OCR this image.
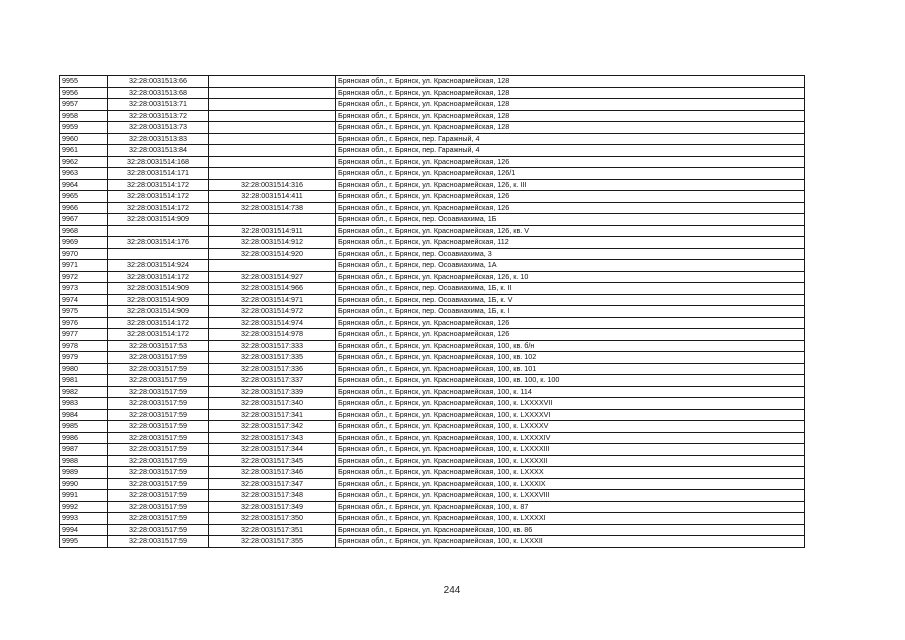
9955	32:28:0031513:66		Брянская обл., г. Брянск, ул. Красноармейская, 128
9956	32:28:0031513:68		Брянская обл., г. Брянск, ул. Красноармейская, 128
9957	32:28:0031513:71		Брянская обл., г. Брянск, ул. Красноармейская, 128
9958	32:28:0031513:72		Брянская обл., г. Брянск, ул. Красноармейская, 128
9959	32:28:0031513:73		Брянская обл., г. Брянск, ул. Красноармейская, 128
9960	32:28:0031513:83		Брянская обл., г. Брянск, пер. Гаражный, 4
9961	32:28:0031513:84		Брянская обл., г. Брянск, пер. Гаражный, 4
9962	32:28:0031514:168		Брянская обл., г. Брянск, ул. Красноармейская, 126
9963	32:28:0031514:171		Брянская обл., г. Брянск, ул. Красноармейская, 126/1
9964	32:28:0031514:172	32:28:0031514:316	Брянская обл., г. Брянск, ул. Красноармейская, 126, к. III
9965	32:28:0031514:172	32:28:0031514:411	Брянская обл., г. Брянск, ул. Красноармейская, 126
9966	32:28:0031514:172	32:28:0031514:738	Брянская обл., г. Брянск, ул. Красноармейская, 126
9967	32:28:0031514:909		Брянская обл., г. Брянск, пер. Осоавиахима, 1Б
9968		32:28:0031514:911	Брянская обл., г. Брянск, ул. Красноармейская, 126, кв. V
9969	32:28:0031514:176	32:28:0031514:912	Брянская обл., г. Брянск, ул. Красноармейская, 112
9970		32:28:0031514:920	Брянская обл., г. Брянск, пер. Осоавиахима, 3
9971	32:28:0031514:924		Брянская обл., г. Брянск, пер. Осоавиахима, 1А
9972	32:28:0031514:172	32:28:0031514:927	Брянская обл., г. Брянск, ул. Красноармейская, 126, к. 10
9973	32:28:0031514:909	32:28:0031514:966	Брянская обл., г. Брянск, пер. Осоавиахима, 1Б, к. II
9974	32:28:0031514:909	32:28:0031514:971	Брянская обл., г. Брянск, пер. Осоавиахима, 1Б, к. V
9975	32:28:0031514:909	32:28:0031514:972	Брянская обл., г. Брянск, пер. Осоавиахима, 1Б, к. I
9976	32:28:0031514:172	32:28:0031514:974	Брянская обл., г. Брянск, ул. Красноармейская, 126
9977	32:28:0031514:172	32:28:0031514:978	Брянская обл., г. Брянск, ул. Красноармейская, 126
9978	32:28:0031517:53	32:28:0031517:333	Брянская обл., г. Брянск, ул. Красноармейская, 100, кв. б/н
9979	32:28:0031517:59	32:28:0031517:335	Брянская обл., г. Брянск, ул. Красноармейская, 100, кв. 102
9980	32:28:0031517:59	32:28:0031517:336	Брянская обл., г. Брянск, ул. Красноармейская, 100, кв. 101
9981	32:28:0031517:59	32:28:0031517:337	Брянская обл., г. Брянск, ул. Красноармейская, 100, кв. 100, к. 100
9982	32:28:0031517:59	32:28:0031517:339	Брянская обл., г. Брянск, ул. Красноармейская, 100, к. 114
9983	32:28:0031517:59	32:28:0031517:340	Брянская обл., г. Брянск, ул. Красноармейская, 100, к. LXXXXVII
9984	32:28:0031517:59	32:28:0031517:341	Брянская обл., г. Брянск, ул. Красноармейская, 100, к. LXXXXVI
9985	32:28:0031517:59	32:28:0031517:342	Брянская обл., г. Брянск, ул. Красноармейская, 100, к. LXXXXV
9986	32:28:0031517:59	32:28:0031517:343	Брянская обл., г. Брянск, ул. Красноармейская, 100, к. LXXXXIV
9987	32:28:0031517:59	32:28:0031517:344	Брянская обл., г. Брянск, ул. Красноармейская, 100, к. LXXXXIII
9988	32:28:0031517:59	32:28:0031517:345	Брянская обл., г. Брянск, ул. Красноармейская, 100, к. LXXXXII
9989	32:28:0031517:59	32:28:0031517:346	Брянская обл., г. Брянск, ул. Красноармейская, 100, к. LXXXX
9990	32:28:0031517:59	32:28:0031517:347	Брянская обл., г. Брянск, ул. Красноармейская, 100, к. LXXXIX
9991	32:28:0031517:59	32:28:0031517:348	Брянская обл., г. Брянск, ул. Красноармейская, 100, к. LXXXVIII
9992	32:28:0031517:59	32:28:0031517:349	Брянская обл., г. Брянск, ул. Красноармейская, 100, к. 87
9993	32:28:0031517:59	32:28:0031517:350	Брянская обл., г. Брянск, ул. Красноармейская, 100, к. LXXXXI
9994	32:28:0031517:59	32:28:0031517:351	Брянская обл., г. Брянск, ул. Красноармейская, 100, кв. 86
9995	32:28:0031517:59	32:28:0031517:355	Брянская обл., г. Брянск, ул. Красноармейская, 100, к. LXXXII
244
